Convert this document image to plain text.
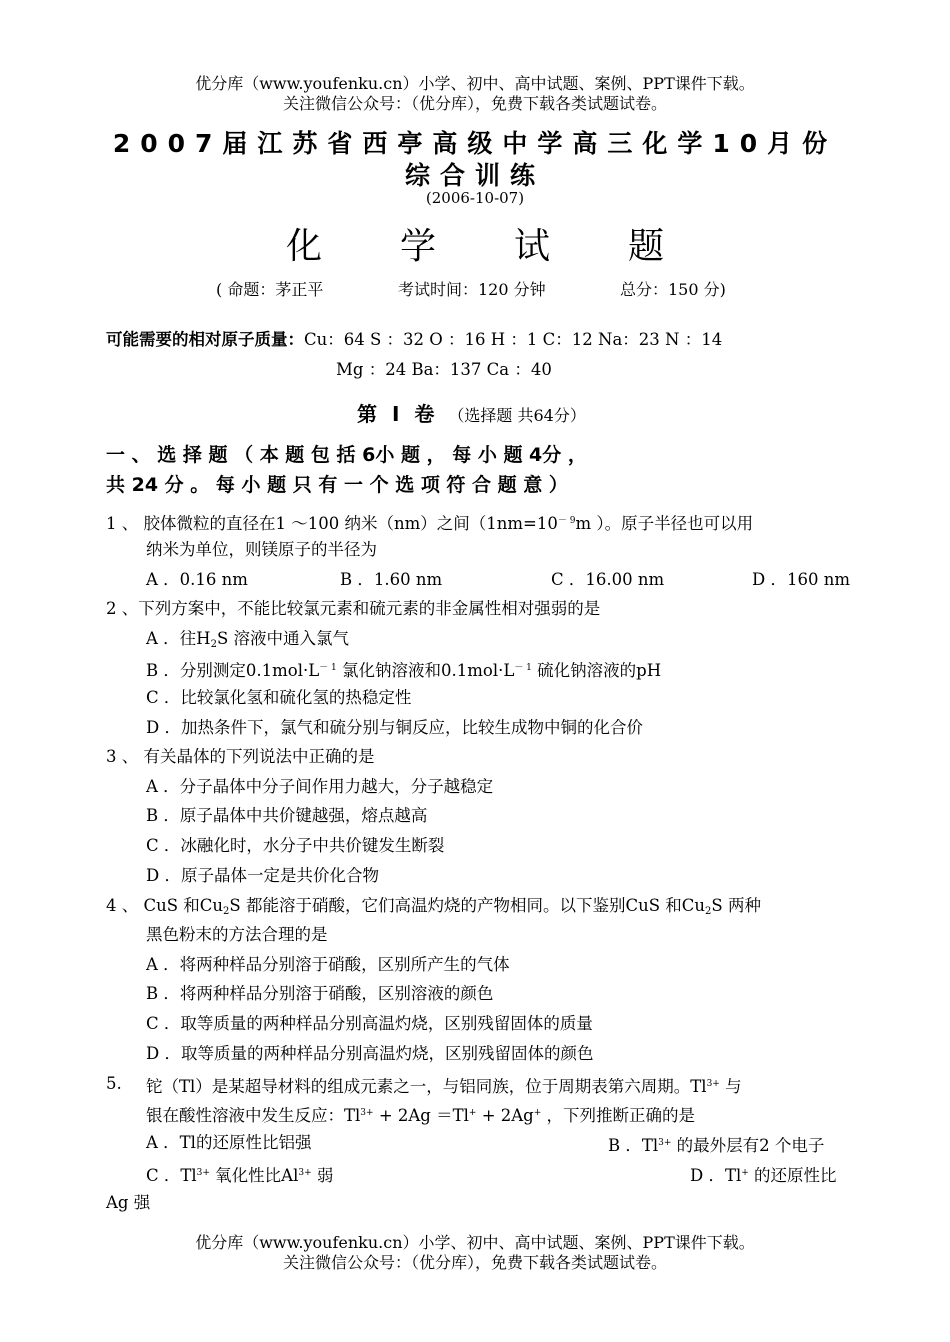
优分库（www.youfenku.cn）小学、初中、高中试题、案例、PPT课件下载。
关注微信公众号：（优分库），免费下载各类试题试卷。
2007届江苏省西亭高级中学高三化学10月份
综合训练
(2006-10-07)
化学试题
( 命题：茅正平	考试时间：120 分钟	总分：150 分)
可能需要的相对原子质量：Cu：64 S ：32 O ：16 H ：1 C：12 Na：23 N ：14
Mg ：24 Ba：137 Ca ：40
第 Ⅰ 卷 （选择题 共64分）
一 、 选 择 题 （ 本 题 包 括 6小 题 ， 每 小 题 4分 ，
共 24 分 。 每 小 题 只 有 一 个 选 项 符 合 题 意 ）
1 、 胶体微粒的直径在1 ～100 纳米（nm）之间（$1nm=10^{- 9}m$ ）。原子半径也可以用
纳米为单位，则镁原子的半径为
A ．0.16 nm	B ．1.60 nm	C ．16.00 nm	D ．160 nm
2 、下列方案中，不能比较氯元素和硫元素的非金属性相对强弱的是
A ．往$H_2S$ 溶液中通入氯气
B ．分别测定$0.1mol\cdot L^{- 1}$ 氯化钠溶液和$0.1mol\cdot L^{- 1}$ 硫化钠溶液的pH
C ．比较氯化氢和硫化氢的热稳定性
D ．加热条件下，氯气和硫分别与铜反应，比较生成物中铜的化合价
3 、 有关晶体的下列说法中正确的是
A ．分子晶体中分子间作用力越大，分子越稳定
B ．原子晶体中共价键越强，熔点越高
C ．冰融化时，水分子中共价键发生断裂
D ．原子晶体一定是共价化合物
4 、 CuS 和$Cu_2S$ 都能溶于硝酸，它们高温灼烧的产物相同。以下鉴别CuS 和$Cu_2S$ 两种
黑色粉末的方法合理的是
A ．将两种样品分别溶于硝酸，区别所产生的气体
B ．将两种样品分别溶于硝酸，区别溶液的颜色
C ．取等质量的两种样品分别高温灼烧，区别残留固体的质量
D ．取等质量的两种样品分别高温灼烧，区别残留固体的颜色
5. 铊（Tl）是某超导材料的组成元素之一，与铝同族，位于周期表第六周期。$Tl^{3+}$ 与
银在酸性溶液中发生反应：$Tl^{3+} + 2Ag =Tl^+ + 2Ag^+$ ，下列推断正确的是
A ．Tl的还原性比铝强	B ．$Tl^{3+}$ 的最外层有2 个电子
C ．$Tl^{3+}$ 氧化性比$Al^{3+}$ 弱	D ．Tl+ 的还原性比
Ag 强
优分库（www.youfenku.cn）小学、初中、高中试题、案例、PPT课件下载。
关注微信公众号：（优分库），免费下载各类试题试卷。
